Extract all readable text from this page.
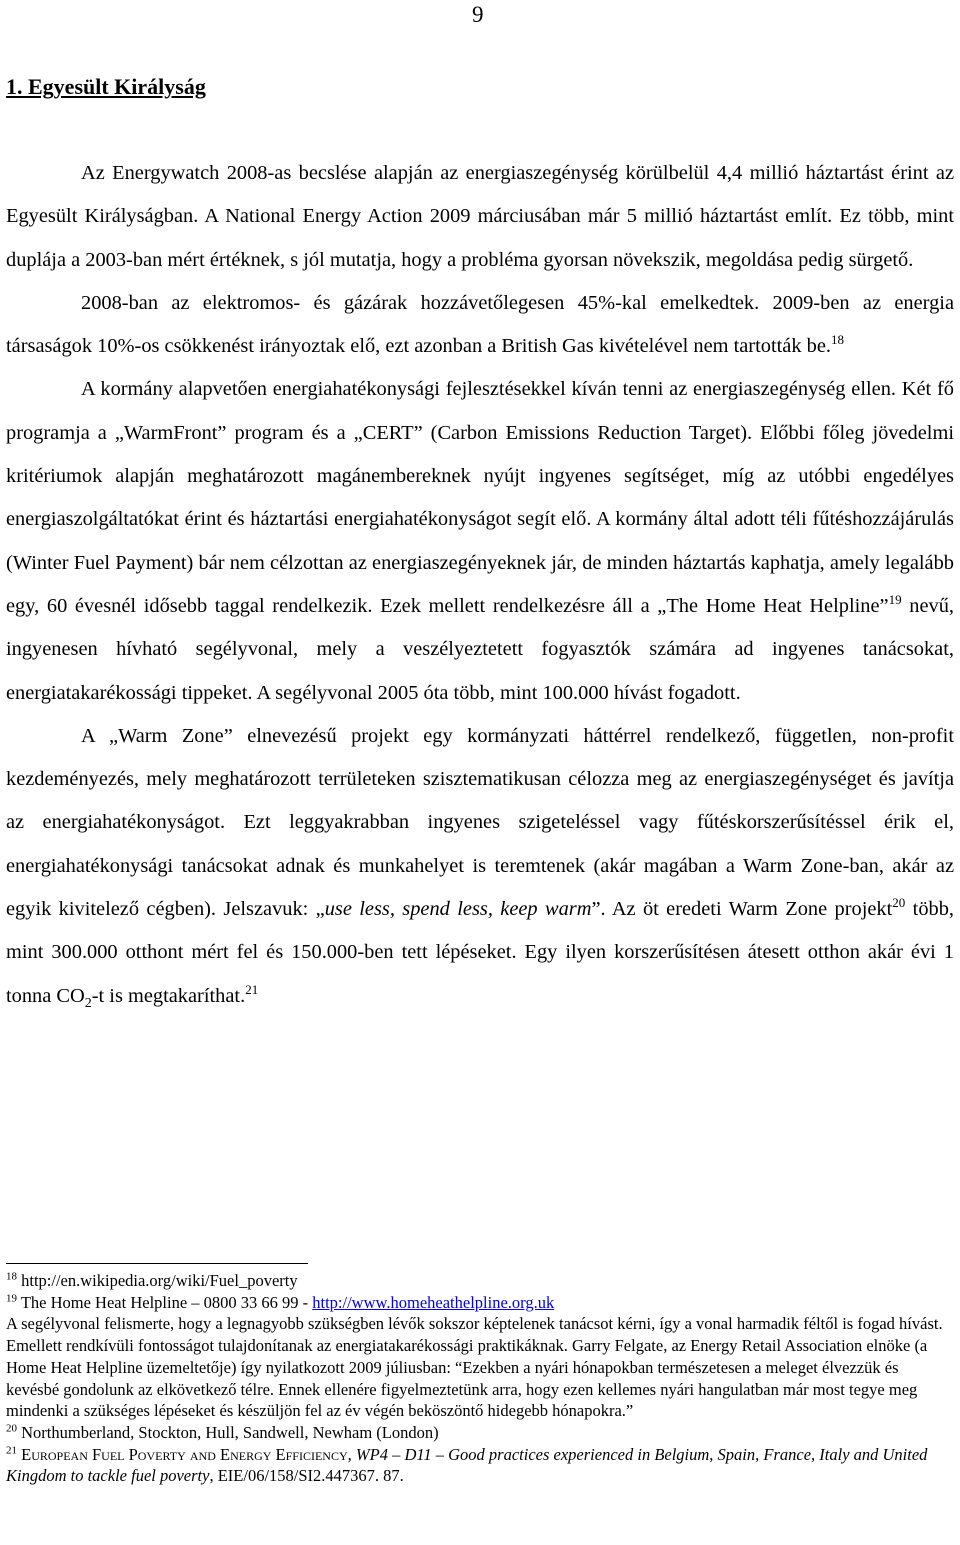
9
1. Egyesült Királyság

Az Energywatch 2008-as becslése alapján az energiaszegénység körülbelül 4,4 millió háztartást érint az Egyesült Királyságban. A National Energy Action 2009 márciusában már 5 millió háztartást említ. Ez több, mint duplája a 2003-ban mért értéknek, s jól mutatja, hogy a probléma gyorsan növekszik, megoldása pedig sürgető.

2008-ban az elektromos- és gázárak hozzávetőlegesen 45%-kal emelkedtek. 2009-ben az energia társaságok 10%-os csökkenést irányoztak elő, ezt azonban a British Gas kivételével nem tartották be.$^{18}$

A kormány alapvetően energiahatékonysági fejlesztésekkel kíván tenni az energiaszegénység ellen. Két fő programja a „WarmFront” program és a „CERT” (Carbon Emissions Reduction Target). Előbbi főleg jövedelmi kritériumok alapján meghatározott magánembereknek nyújt ingyenes segítséget, míg az utóbbi engedélyes energiaszolgáltatókat érint és háztartási energiahatékonyságot segít elő. A kormány által adott téli fűtéshozzájárulás (Winter Fuel Payment) bár nem célzottan az energiaszegényeknek jár, de minden háztartás kaphatja, amely legalább egy, 60 évesnél idősebb taggal rendelkezik. Ezek mellett rendelkezésre áll a „The Home Heat Helpline”$^{19}$ nevű, ingyenesen hívható segélyvonal, mely a veszélyeztetett fogyasztók számára ad ingyenes tanácsokat, energiatakarékossági tippeket. A segélyvonal 2005 óta több, mint 100.000 hívást fogadott.

A „Warm Zone” elnevezésű projekt egy kormányzati háttérrel rendelkező, független, non-profit kezdeményezés, mely meghatározott terrületeken szisztematikusan célozza meg az energiaszegénységet és javítja az energiahatékonyságot. Ezt leggyakrabban ingyenes szigeteléssel vagy fűtéskorszerűsítéssel érik el, energiahatékonysági tanácsokat adnak és munkahelyet is teremtenek (akár magában a Warm Zone-ban, akár az egyik kivitelező cégben). Jelszavuk: „use less, spend less, keep warm”. Az öt eredeti Warm Zone projekt$^{20}$ több, mint 300.000 otthont mért fel és 150.000-ben tett lépéseket. Egy ilyen korszerűsítésen átesett otthon akár évi 1 tonna $CO_2-t$ is megtakaríthat.$^{21}$

$^{18}$ http://en.wikipedia.org/wiki/Fuel_poverty

$^{19}$ The Home Heat Helpline – 0800 33 66 99 - http://www.homeheathelpline.org.uk

A segélyvonal felismerte, hogy a legnagyobb szükségben lévők sokszor képtelenek tanácsot kérni, így a vonal harmadik féltől is fogad hívást. Emellett rendkívüli fontosságot tulajdonítanak az energiatakarékossági praktikáknak. Garry Felgate, az Energy Retail Association elnöke (a Home Heat Helpline üzemeltetője) így nyilatkozott 2009 júliusban: “Ezekben a nyári hónapokban természetesen a meleget élvezzük és kevésbé gondolunk az elkövetkező télre. Ennek ellenére figyelmeztetünk arra, hogy ezen kellemes nyári hangulatban már most tegye meg mindenki a szükséges lépéseket és készüljön fel az év végén beköszöntő hidegebb hónapokra.”

$^{20}$ Northumberland, Stockton, Hull, Sandwell, Newham (London)

$^{21}$ European Fuel Poverty and Energy Efficiency, WP4 – D11 – Good practices experienced in Belgium, Spain, France, Italy and United Kingdom to tackle fuel poverty, EIE/06/158/SI2.447367. 87.
